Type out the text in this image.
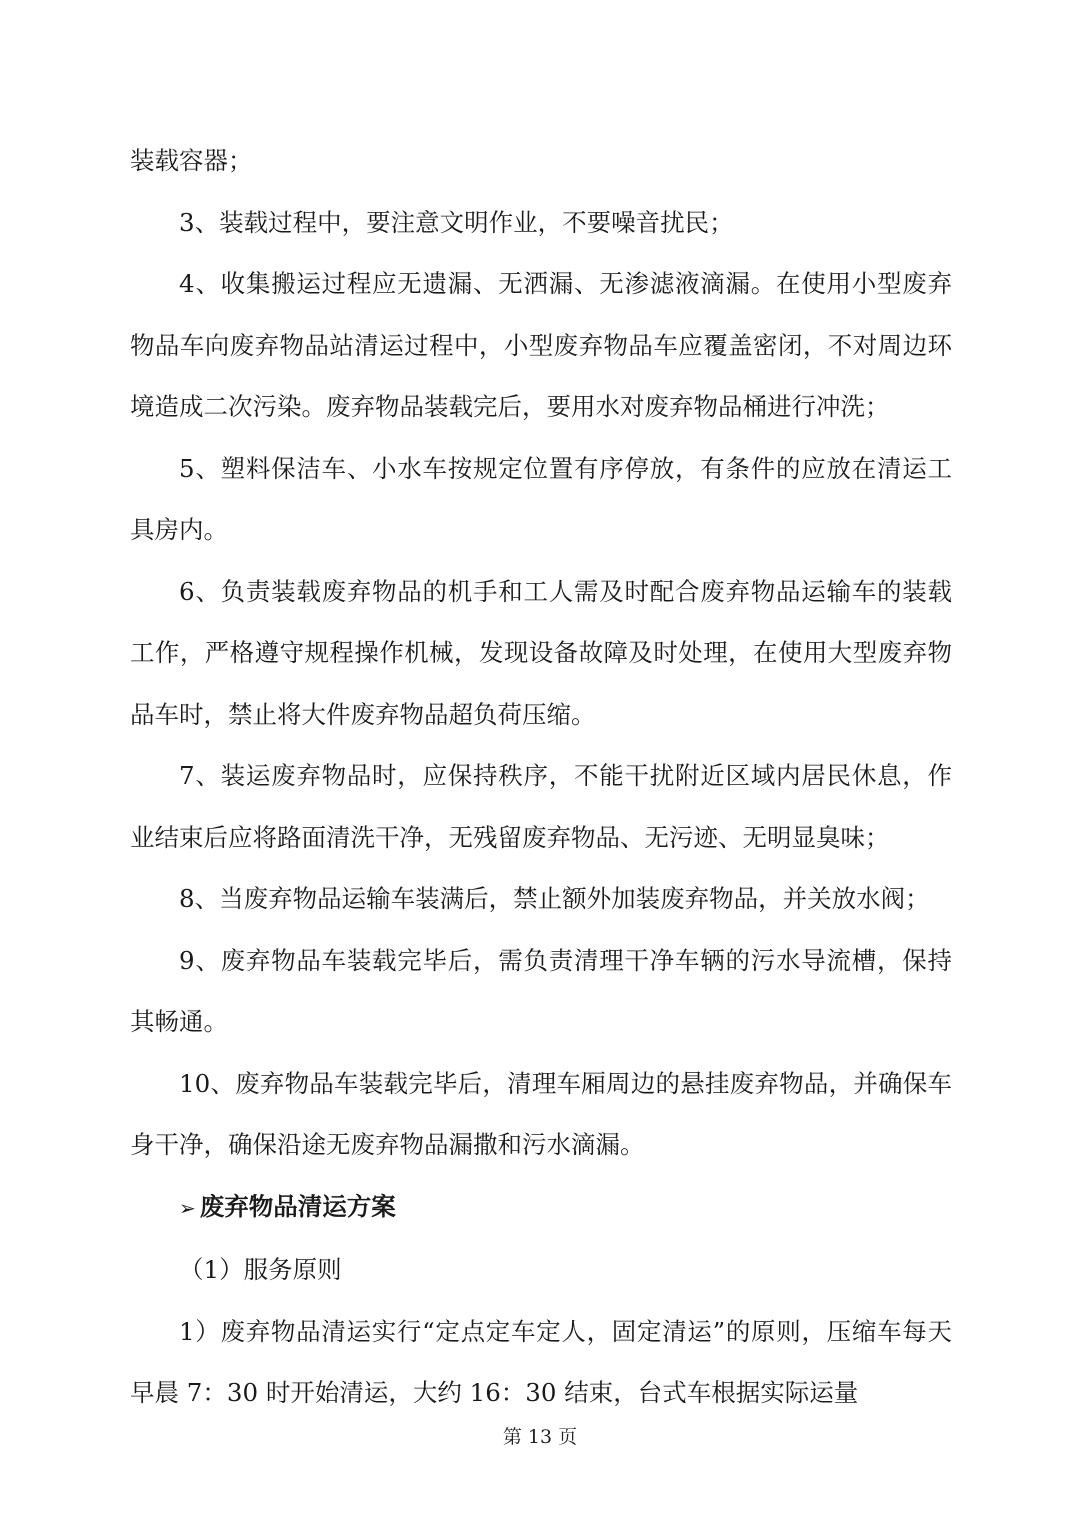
装载容器；

3、装载过程中，要注意文明作业，不要噪音扰民；

4、收集搬运过程应无遗漏、无洒漏、无渗滤液滴漏。在使用小型废弃物品车向废弃物品站清运过程中，小型废弃物品车应覆盖密闭，不对周边环境造成二次污染。废弃物品装载完后，要用水对废弃物品桶进行冲洗；

5、塑料保洁车、小水车按规定位置有序停放，有条件的应放在清运工具房内。

6、负责装载废弃物品的机手和工人需及时配合废弃物品运输车的装载工作，严格遵守规程操作机械，发现设备故障及时处理，在使用大型废弃物品车时，禁止将大件废弃物品超负荷压缩。

7、装运废弃物品时，应保持秩序，不能干扰附近区域内居民休息，作业结束后应将路面清洗干净，无残留废弃物品、无污迹、无明显臭味；

8、当废弃物品运输车装满后，禁止额外加装废弃物品，并关放水阀；

9、废弃物品车装载完毕后，需负责清理干净车辆的污水导流槽，保持其畅通。

10、废弃物品车装载完毕后，清理车厢周边的悬挂废弃物品，并确保车身干净，确保沿途无废弃物品漏撒和污水滴漏。

➢ 废弃物品清运方案

（1）服务原则

1）废弃物品清运实行“定点定车定人，固定清运”的原则，压缩车每天早晨 7：30 时开始清运，大约 16：30 结束，台式车根据实际运量

第 13 页
